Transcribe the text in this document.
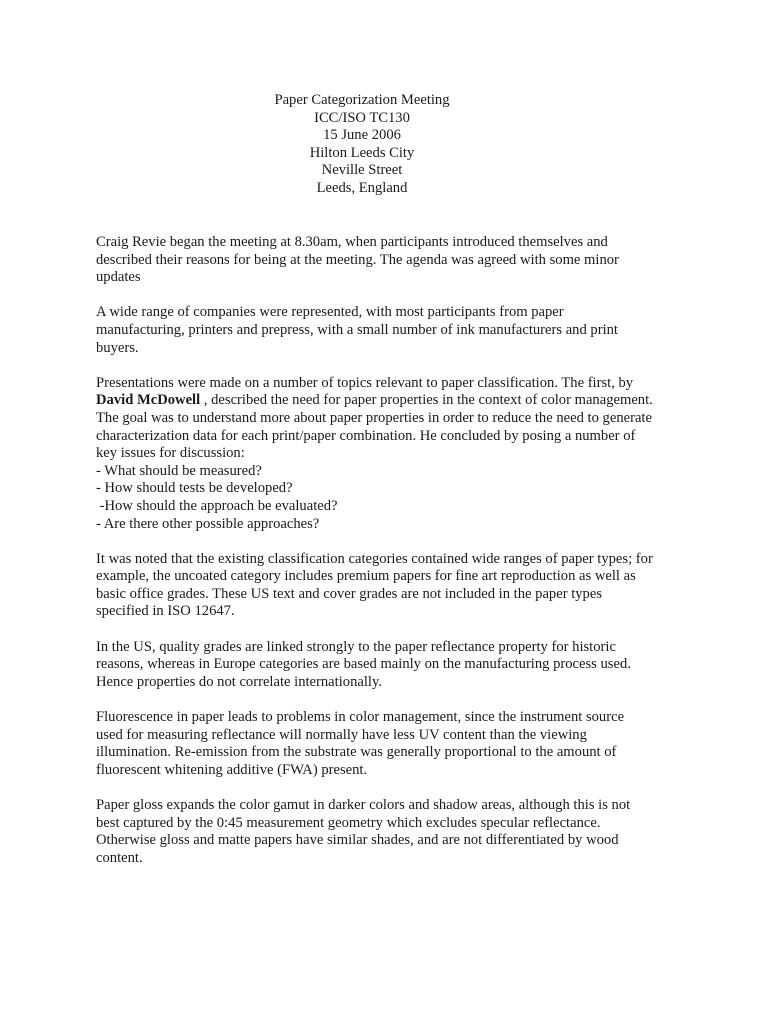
Paper Categorization Meeting
ICC/ISO TC130
15 June 2006
Hilton Leeds City
Neville Street
Leeds, England

Craig Revie began the meeting at 8.30am, when participants introduced themselves and
described their reasons for being at the meeting. The agenda was agreed with some minor
updates

A wide range of companies were represented, with most participants from paper
manufacturing, printers and prepress, with a small number of ink manufacturers and print
buyers.

Presentations were made on a number of topics relevant to paper classification. The first, by
David McDowell , described the need for paper properties in the context of color management.
The goal was to understand more about paper properties in order to reduce the need to generate
characterization data for each print/paper combination. He concluded by posing a number of
key issues for discussion:
- What should be measured?
- How should tests be developed?
-How should the approach be evaluated?
- Are there other possible approaches?

It was noted that the existing classification categories contained wide ranges of paper types; for
example, the uncoated category includes premium papers for fine art reproduction as well as
basic office grades. These US text and cover grades are not included in the paper types
specified in ISO 12647.

In the US, quality grades are linked strongly to the paper reflectance property for historic
reasons, whereas in Europe categories are based mainly on the manufacturing process used.
Hence properties do not correlate internationally.

Fluorescence in paper leads to problems in color management, since the instrument source
used for measuring reflectance will normally have less UV content than the viewing
illumination. Re-emission from the substrate was generally proportional to the amount of
fluorescent whitening additive (FWA) present.

Paper gloss expands the color gamut in darker colors and shadow areas, although this is not
best captured by the 0:45 measurement geometry which excludes specular reflectance.
Otherwise gloss and matte papers have similar shades, and are not differentiated by wood
content.
